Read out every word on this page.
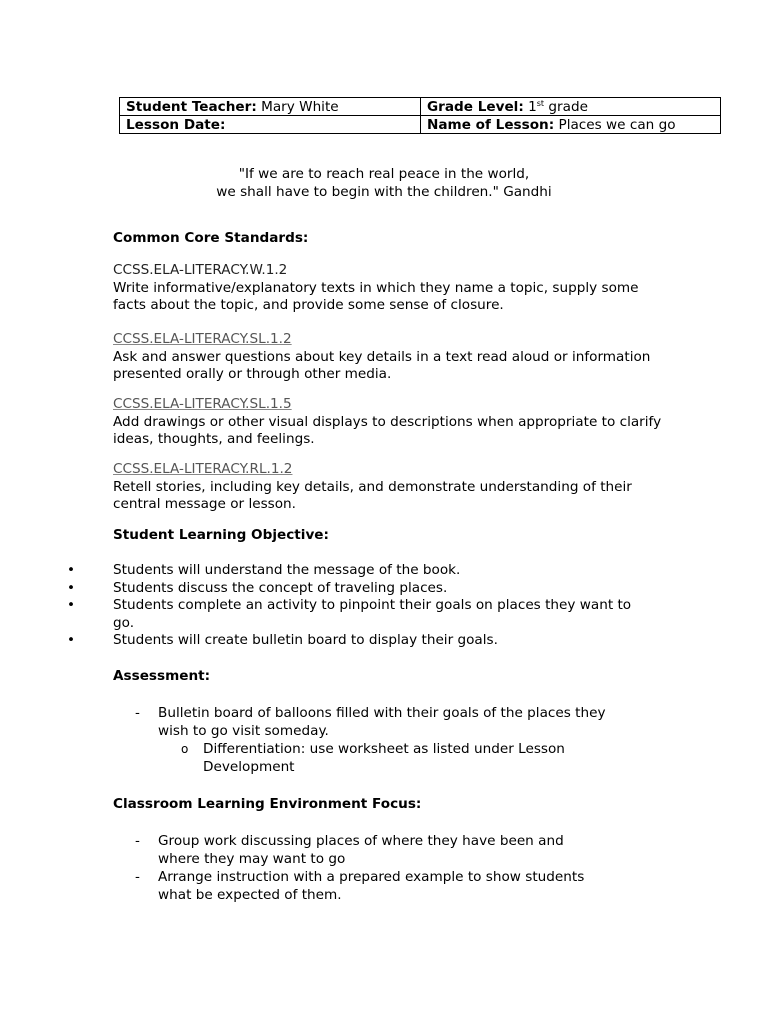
Student Teacher: Mary White	Grade Level: 1st grade
Lesson Date:	Name of Lesson: Places we can go
"If we are to reach real peace in the world,
we shall have to begin with the children." Gandhi
Common Core Standards:
CCSS.ELA-LITERACY.W.1.2
Write informative/explanatory texts in which they name a topic, supply some facts about the topic, and provide some sense of closure.
CCSS.ELA-LITERACY.SL.1.2
Ask and answer questions about key details in a text read aloud or information presented orally or through other media.
CCSS.ELA-LITERACY.SL.1.5
Add drawings or other visual displays to descriptions when appropriate to clarify ideas, thoughts, and feelings.
CCSS.ELA-LITERACY.RL.1.2
Retell stories, including key details, and demonstrate understanding of their central message or lesson.
Student Learning Objective:
•	Students will understand the message of the book.
•	Students discuss the concept of traveling places.
•	Students complete an activity to pinpoint their goals on places they want to go.
•	Students will create bulletin board to display their goals.
Assessment:
- Bulletin board of balloons filled with their goals of the places they wish to go visit someday.
o Differentiation: use worksheet as listed under Lesson Development
Classroom Learning Environment Focus:
- Group work discussing places of where they have been and where they may want to go
- Arrange instruction with a prepared example to show students what be expected of them.
